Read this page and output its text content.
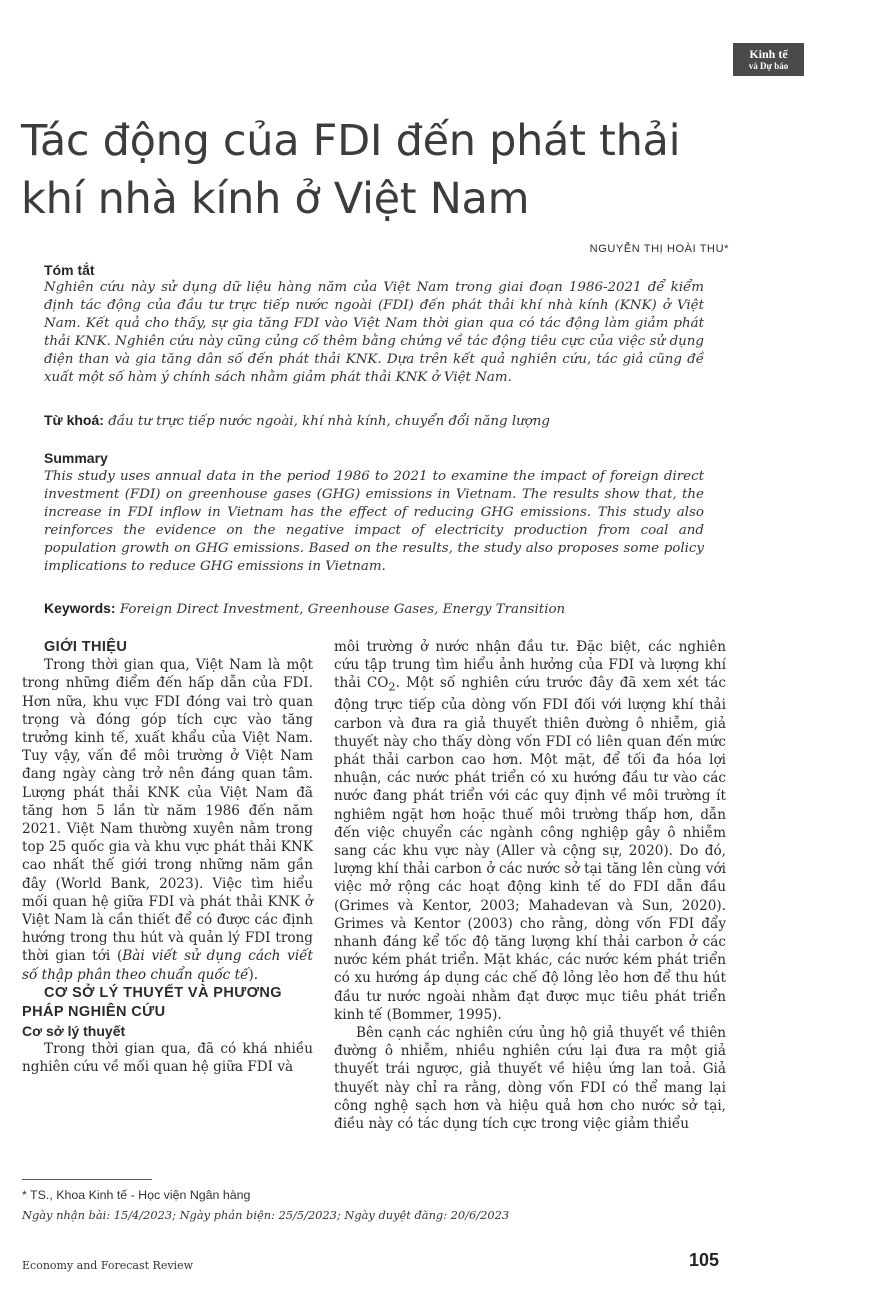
Kinh tế
và Dự báo
Tác động của FDI đến phát thải khí nhà kính ở Việt Nam
NGUYỄN THỊ HOÀI THU*
Tóm tắt

Nghiên cứu này sử dụng dữ liệu hàng năm của Việt Nam trong giai đoạn 1986-2021 để kiểm định tác động của đầu tư trực tiếp nước ngoài (FDI) đến phát thải khí nhà kính (KNK) ở Việt Nam. Kết quả cho thấy, sự gia tăng FDI vào Việt Nam thời gian qua có tác động làm giảm phát thải KNK. Nghiên cứu này cũng củng cố thêm bằng chứng về tác động tiêu cực của việc sử dụng điện than và gia tăng dân số đến phát thải KNK. Dựa trên kết quả nghiên cứu, tác giả cũng đề xuất một số hàm ý chính sách nhằm giảm phát thải KNK ở Việt Nam.

Từ khoá: đầu tư trực tiếp nước ngoài, khí nhà kính, chuyển đổi năng lượng

Summary

This study uses annual data in the period 1986 to 2021 to examine the impact of foreign direct investment (FDI) on greenhouse gases (GHG) emissions in Vietnam. The results show that, the increase in FDI inflow in Vietnam has the effect of reducing GHG emissions. This study also reinforces the evidence on the negative impact of electricity production from coal and population growth on GHG emissions. Based on the results, the study also proposes some policy implications to reduce GHG emissions in Vietnam.

Keywords: Foreign Direct Investment, Greenhouse Gases, Energy Transition

GIỚI THIỆU

Trong thời gian qua, Việt Nam là một trong những điểm đến hấp dẫn của FDI. Hơn nữa, khu vực FDI đóng vai trò quan trọng và đóng góp tích cực vào tăng trưởng kinh tế, xuất khẩu của Việt Nam. Tuy vậy, vấn đề môi trường ở Việt Nam đang ngày càng trở nên đáng quan tâm. Lượng phát thải KNK của Việt Nam đã tăng hơn 5 lần từ năm 1986 đến năm 2021. Việt Nam thường xuyên nằm trong top 25 quốc gia và khu vực phát thải KNK cao nhất thế giới trong những năm gần đây (World Bank, 2023). Việc tìm hiểu mối quan hệ giữa FDI và phát thải KNK ở Việt Nam là cần thiết để có được các định hướng trong thu hút và quản lý FDI trong thời gian tới (Bài viết sử dụng cách viết số thập phân theo chuẩn quốc tế).

CƠ SỞ LÝ THUYẾT VÀ PHƯƠNG PHÁP NGHIÊN CỨU

Cơ sở lý thuyết

Trong thời gian qua, đã có khá nhiều nghiên cứu về mối quan hệ giữa FDI và

môi trường ở nước nhận đầu tư. Đặc biệt, các nghiên cứu tập trung tìm hiểu ảnh hưởng của FDI và lượng khí thải $CO_2$. Một số nghiên cứu trước đây đã xem xét tác động trực tiếp của dòng vốn FDI đối với lượng khí thải carbon và đưa ra giả thuyết thiên đường ô nhiễm, giả thuyết này cho thấy dòng vốn FDI có liên quan đến mức phát thải carbon cao hơn. Một mặt, để tối đa hóa lợi nhuận, các nước phát triển có xu hướng đầu tư vào các nước đang phát triển với các quy định về môi trường ít nghiêm ngặt hơn hoặc thuế môi trường thấp hơn, dẫn đến việc chuyển các ngành công nghiệp gây ô nhiễm sang các khu vực này (Aller và cộng sự, 2020). Do đó, lượng khí thải carbon ở các nước sở tại tăng lên cùng với việc mở rộng các hoạt động kinh tế do FDI dẫn đầu (Grimes và Kentor, 2003; Mahadevan và Sun, 2020). Grimes và Kentor (2003) cho rằng, dòng vốn FDI đẩy nhanh đáng kể tốc độ tăng lượng khí thải carbon ở các nước kém phát triển. Mặt khác, các nước kém phát triển có xu hướng áp dụng các chế độ lỏng lẻo hơn để thu hút đầu tư nước ngoài nhằm đạt được mục tiêu phát triển kinh tế (Bommer, 1995).

Bên cạnh các nghiên cứu ủng hộ giả thuyết về thiên đường ô nhiễm, nhiều nghiên cứu lại đưa ra một giả thuyết trái ngược, giả thuyết về hiệu ứng lan toả. Giả thuyết này chỉ ra rằng, dòng vốn FDI có thể mang lại công nghệ sạch hơn và hiệu quả hơn cho nước sở tại, điều này có tác dụng tích cực trong việc giảm thiểu

* TS., Khoa Kinh tế - Học viện Ngân hàng
Ngày nhận bài: 15/4/2023; Ngày phản biện: 25/5/2023; Ngày duyệt đăng: 20/6/2023
Economy and Forecast Review	105
